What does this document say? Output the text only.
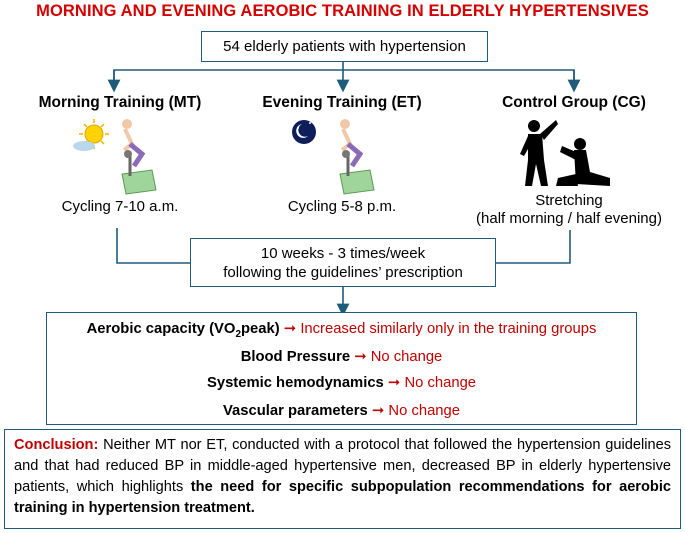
MORNING AND EVENING AEROBIC TRAINING IN ELDERLY HYPERTENSIVES
54 elderly patients with hypertension
Morning Training (MT)	Evening Training (ET)	Control Group (CG)
Cycling 7-10 a.m.	Cycling 5-8 p.m.	Stretching
(half morning / half evening)
10 weeks - 3 times/week
following the guidelines’ prescription
Aerobic capacity $(VO_2peak)$ ➞ Increased similarly only in the training groups
Blood Pressure ➞ No change
Systemic hemodynamics ➞ No change
Vascular parameters ➞ No change
Conclusion: Neither MT nor ET, conducted with a protocol that followed the hypertension guidelines and that had reduced BP in middle-aged hypertensive men, decreased BP in elderly hypertensive patients, which highlights the need for specific subpopulation recommendations for aerobic training in hypertension treatment.
